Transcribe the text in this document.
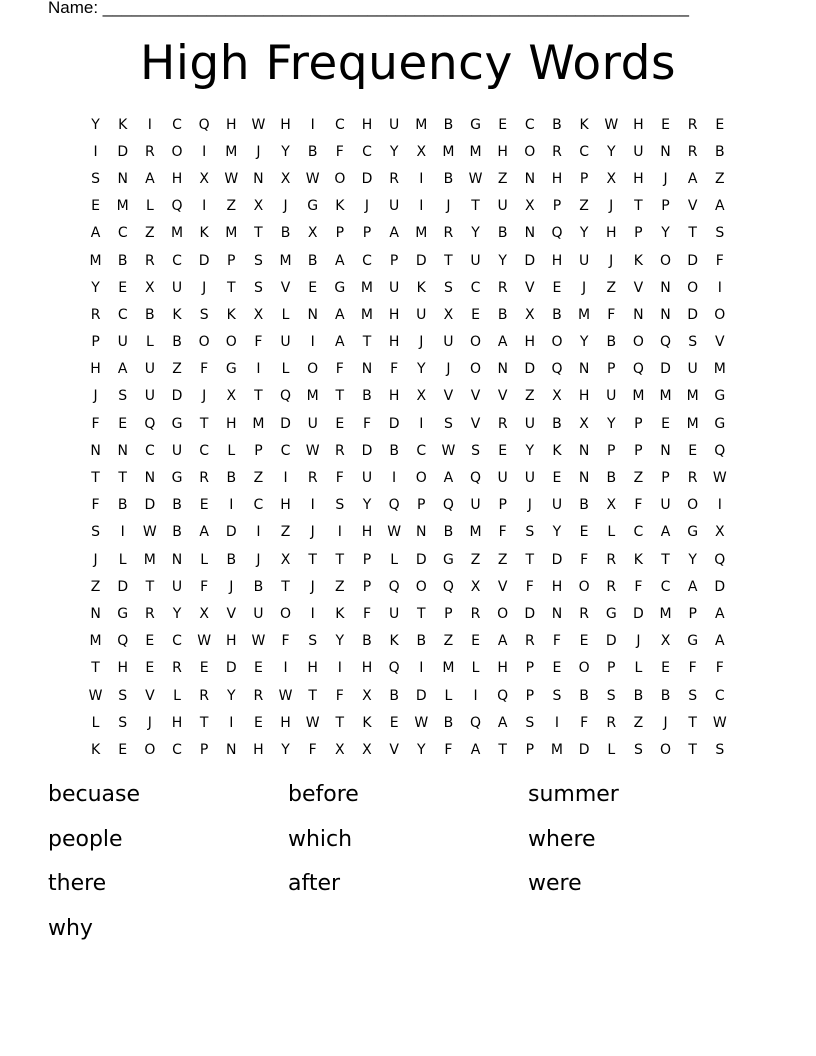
Name: ______________________________________________________________
High Frequency Words
Y	K	I	C	Q	H	W	H	I	C	H	U	M	B	G	E	C	B	K	W	H	E	R	E
I	D	R	O	I	M	J	Y	B	F	C	Y	X	M	M	H	O	R	C	Y	U	N	R	B
S	N	A	H	X	W	N	X	W	O	D	R	I	B	W	Z	N	H	P	X	H	J	A	Z
E	M	L	Q	I	Z	X	J	G	K	J	U	I	J	T	U	X	P	Z	J	T	P	V	A
A	C	Z	M	K	M	T	B	X	P	P	A	M	R	Y	B	N	Q	Y	H	P	Y	T	S
M	B	R	C	D	P	S	M	B	A	C	P	D	T	U	Y	D	H	U	J	K	O	D	F
Y	E	X	U	J	T	S	V	E	G	M	U	K	S	C	R	V	E	J	Z	V	N	O	I
R	C	B	K	S	K	X	L	N	A	M	H	U	X	E	B	X	B	M	F	N	N	D	O
P	U	L	B	O	O	F	U	I	A	T	H	J	U	O	A	H	O	Y	B	O	Q	S	V
H	A	U	Z	F	G	I	L	O	F	N	F	Y	J	O	N	D	Q	N	P	Q	D	U	M
J	S	U	D	J	X	T	Q	M	T	B	H	X	V	V	V	Z	X	H	U	M	M	M	G
F	E	Q	G	T	H	M	D	U	E	F	D	I	S	V	R	U	B	X	Y	P	E	M	G
N	N	C	U	C	L	P	C	W	R	D	B	C	W	S	E	Y	K	N	P	P	N	E	Q
T	T	N	G	R	B	Z	I	R	F	U	I	O	A	Q	U	U	E	N	B	Z	P	R	W
F	B	D	B	E	I	C	H	I	S	Y	Q	P	Q	U	P	J	U	B	X	F	U	O	I
S	I	W	B	A	D	I	Z	J	I	H	W	N	B	M	F	S	Y	E	L	C	A	G	X
J	L	M	N	L	B	J	X	T	T	P	L	D	G	Z	Z	T	D	F	R	K	T	Y	Q
Z	D	T	U	F	J	B	T	J	Z	P	Q	O	Q	X	V	F	H	O	R	F	C	A	D
N	G	R	Y	X	V	U	O	I	K	F	U	T	P	R	O	D	N	R	G	D	M	P	A
M	Q	E	C	W	H	W	F	S	Y	B	K	B	Z	E	A	R	F	E	D	J	X	G	A
T	H	E	R	E	D	E	I	H	I	H	Q	I	M	L	H	P	E	O	P	L	E	F	F
W	S	V	L	R	Y	R	W	T	F	X	B	D	L	I	Q	P	S	B	S	B	B	S	C
L	S	J	H	T	I	E	H	W	T	K	E	W	B	Q	A	S	I	F	R	Z	J	T	W
K	E	O	C	P	N	H	Y	F	X	X	V	Y	F	A	T	P	M	D	L	S	O	T	S
becuase	before	summer
people	which	where
there	after	were
why
